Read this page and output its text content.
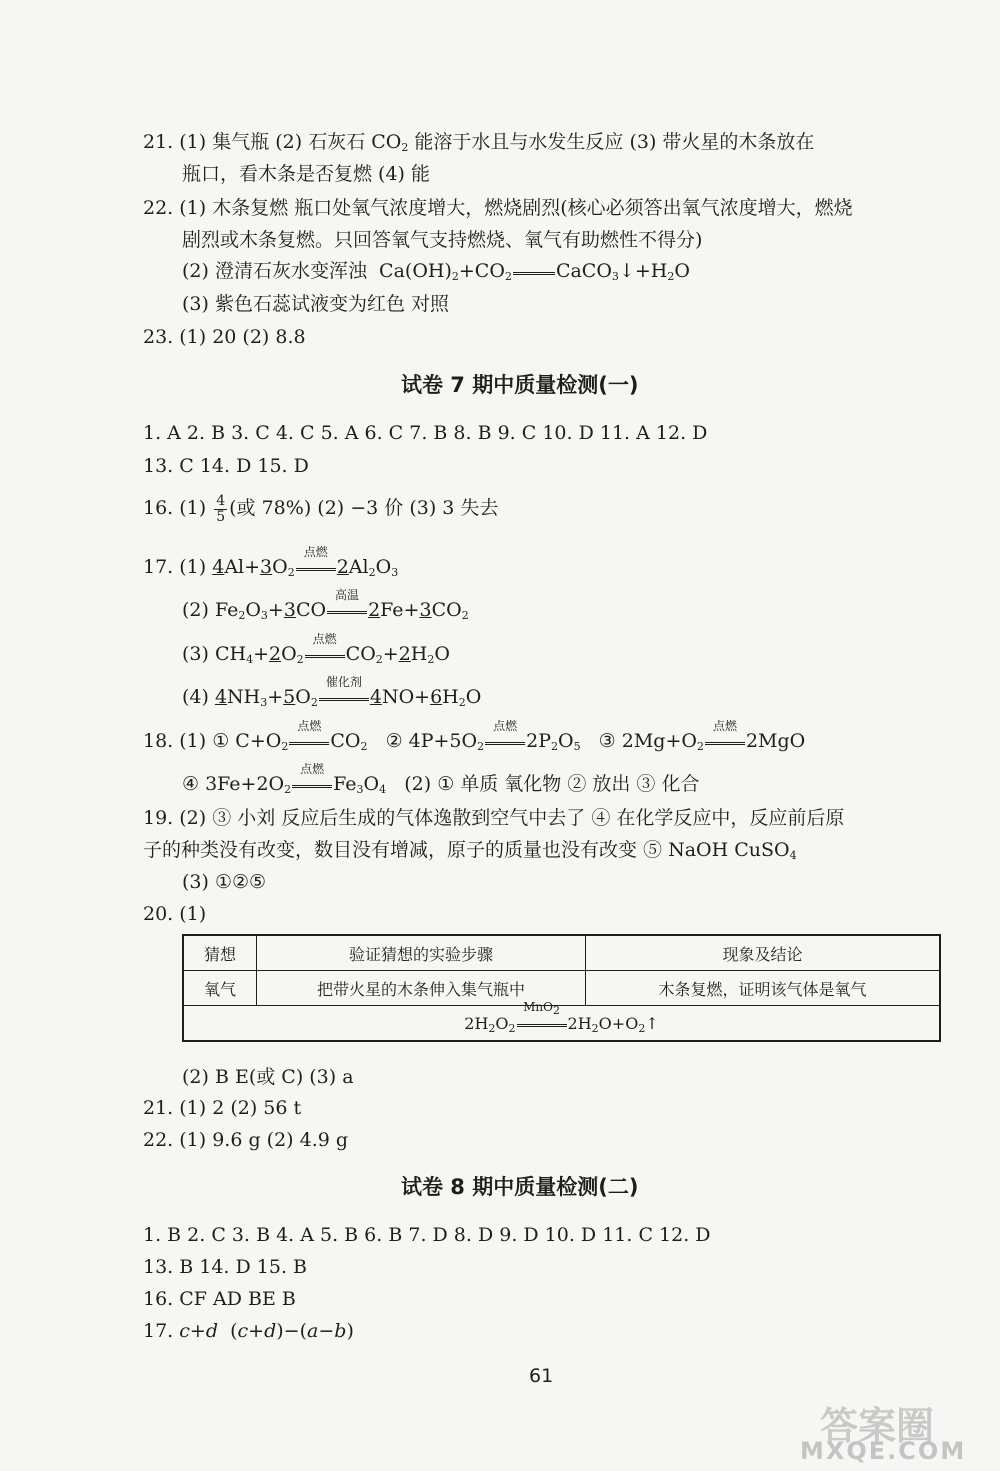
21. (1) 集气瓶 (2) 石灰石 $CO_2$ 能溶于水且与水发生反应 (3) 带火星的木条放在
瓶口，看木条是否复燃 (4) 能
22. (1) 木条复燃 瓶口处氧气浓度增大，燃烧剧烈(核心必须答出氧气浓度增大，燃烧
剧烈或木条复燃。只回答氧气支持燃烧、氧气有助燃性不得分)
(2) 澄清石灰水变浑浊  $Ca(OH)_2+CO_2$ $CaCO_3↓+H_2O$
(3) 紫色石蕊试液变为红色 对照
23. (1) 20 (2) 8.8
试卷 7 期中质量检测(一)
1. A 2. B 3. C 4. C 5. A 6. C 7. B 8. B 9. C 10. D 11. A 12. D
13. C 14. D 15. D
16. $(1) \frac{4}{5}$ (或 78%) (2) −3 价 (3) 3 失去
17. (1) $4Al+3O_2$
点燃
$2Al_2O_3$
(2) $Fe_2O_3+3CO$
高温
$2Fe+3CO_2$
(3) $CH_4+2O_2$
点燃
$CO_2+2H_2O$
(4) $4NH_3+5O_2$
催化剂
$4NO+6H_2O$
18. (1) ① $C+O_2$
点燃
$CO_2$   ② $4P+5O_2$
点燃
$2P_2O_5$   ③ $2Mg+O_2$
点燃
2MgO
④ $3Fe+2O_2$
点燃
$Fe_3O_4$ (2) ① 单质 氧化物 ② 放出 ③ 化合
19. (2) ③ 小刘 反应后生成的气体逸散到空气中去了 ④ 在化学反应中，反应前后原
子的种类没有改变，数目没有增减，原子的质量也没有改变 ⑤ NaOH CuSO$_4$
(3) ①②⑤
20. (1)
猜想	验证猜想的实验步骤	现象及结论
氧气	把带火星的木条伸入集气瓶中	木条复燃，证明该气体是氧气
$2H_2O_2$
MnO$_2$
$2H_2O+O_2↑$		
(2) B E(或 C) (3) a
21. (1) 2 (2) 56 t
22. (1) 9.6 g (2) 4.9 g
试卷 8 期中质量检测(二)
1. B 2. C 3. B 4. A 5. B 6. B 7. D 8. D 9. D 10. D 11. C 12. D
13. B 14. D 15. B
16. CF AD BE B
17. c+d  (c+d)−(a−b)
61
答案圈
MXQE.COM
